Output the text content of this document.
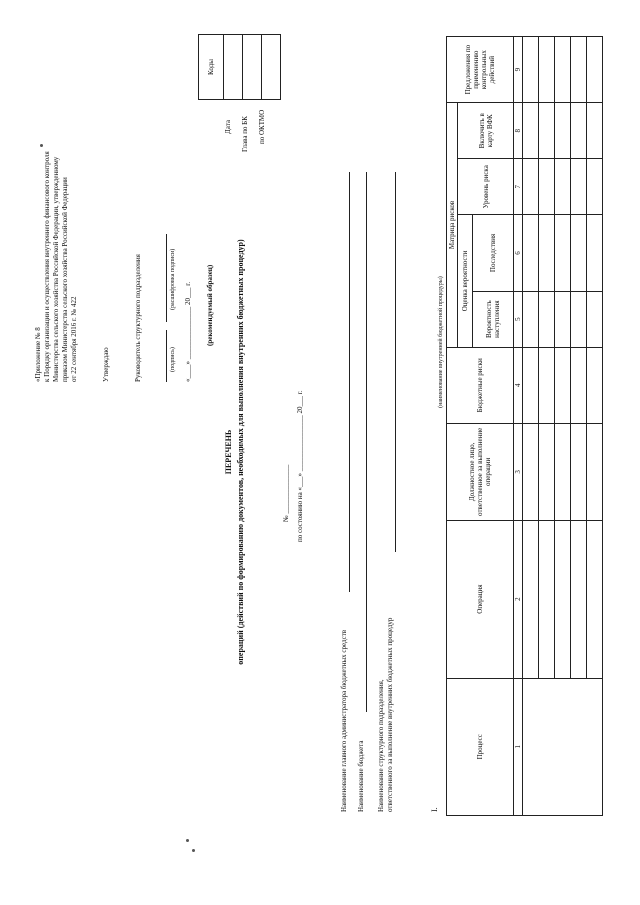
«Приложение № 8 к Порядку организации и осуществления внутреннего финансового контроля Министерства сельского хозяйства Российской Федерации, утвержденному приказом Министерства сельского хозяйства Российской Федерации от 22 сентября 2016 г. № 422	Утверждаю	Руководитель структурного подразделения	(подпись)
(расшифровка подписи)
«____» _______________ 20___ г. (рекомендуемый образец)
Коды

Дата Глава по БК по ОКТМО
ПЕРЕЧЕНЬ операций (действий по формированию документов, необходимых для выполнения внутренних бюджетных процедур)	№ ______________ по состоянию на «___» ________________ 20___ г.
Наименование главного администратора бюджетных средств Наименование бюджета Наименование структурного подразделения, ответственного за выполнение внутренних бюджетных процедур	I.
(наименование внутренней бюджетной процедуры)
Процесс	Операция	Должностное лицо, ответственное за выполнение операции	Бюджетные риски	Матрица рисков				Предложения по применению контрольных действий
				Оценка вероятности		Уровень риска	Включить в карту ВФК	
				Вероятность наступления	Последствия			
1	2	3	4	5	6	7	8	9
